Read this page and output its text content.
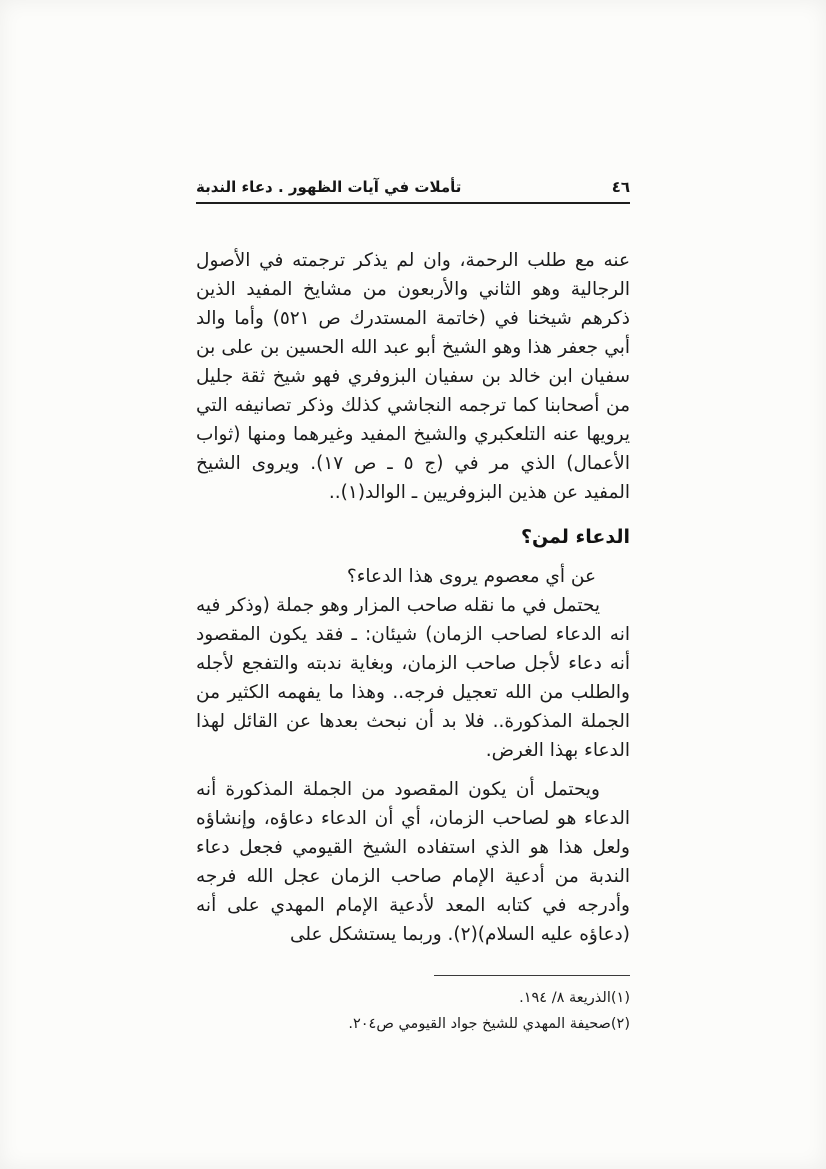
٤٦
تأملات في آيات الظهور . دعاء الندبة

عنه مع طلب الرحمة، وان لم يذكر ترجمته في الأصول الرجالية وهو الثاني والأربعون من مشايخ المفيد الذين ذكرهم شيخنا في (خاتمة المستدرك ص ٥٢١) وأما والد أبي جعفر هذا وهو الشيخ أبو عبد الله الحسين بن على بن سفيان ابن خالد بن سفيان البزوفري فهو شيخ ثقة جليل من أصحابنا كما ترجمه النجاشي كذلك وذكر تصانيفه التي يرويها عنه التلعكبري والشيخ المفيد وغيرهما ومنها (ثواب الأعمال) الذي مر في (ج ٥ ـ ص ١٧). ويروى الشيخ المفيد عن هذين البزوفريين ـ الوالد(١)..

الدعاء لمن؟

عن أي معصوم يروى هذا الدعاء؟

يحتمل في ما نقله صاحب المزار وهو جملة (وذكر فيه انه الدعاء لصاحب الزمان) شيئان: ـ فقد يكون المقصود أنه دعاء لأجل صاحب الزمان، وبغاية ندبته والتفجع لأجله والطلب من الله تعجيل فرجه.. وهذا ما يفهمه الكثير من الجملة المذكورة.. فلا بد أن نبحث بعدها عن القائل لهذا الدعاء بهذا الغرض.

ويحتمل أن يكون المقصود من الجملة المذكورة أنه الدعاء هو لصاحب الزمان، أي أن الدعاء دعاؤه، وإنشاؤه ولعل هذا هو الذي استفاده الشيخ القيومي فجعل دعاء الندبة من أدعية الإمام صاحب الزمان عجل الله فرجه وأدرجه في كتابه المعد لأدعية الإمام المهدي على أنه (دعاؤه عليه السلام)(٢). وربما يستشكل على

(١)الذريعة ٨/ ١٩٤.
(٢)صحيفة المهدي للشيخ جواد القيومي ص٢٠٤.
